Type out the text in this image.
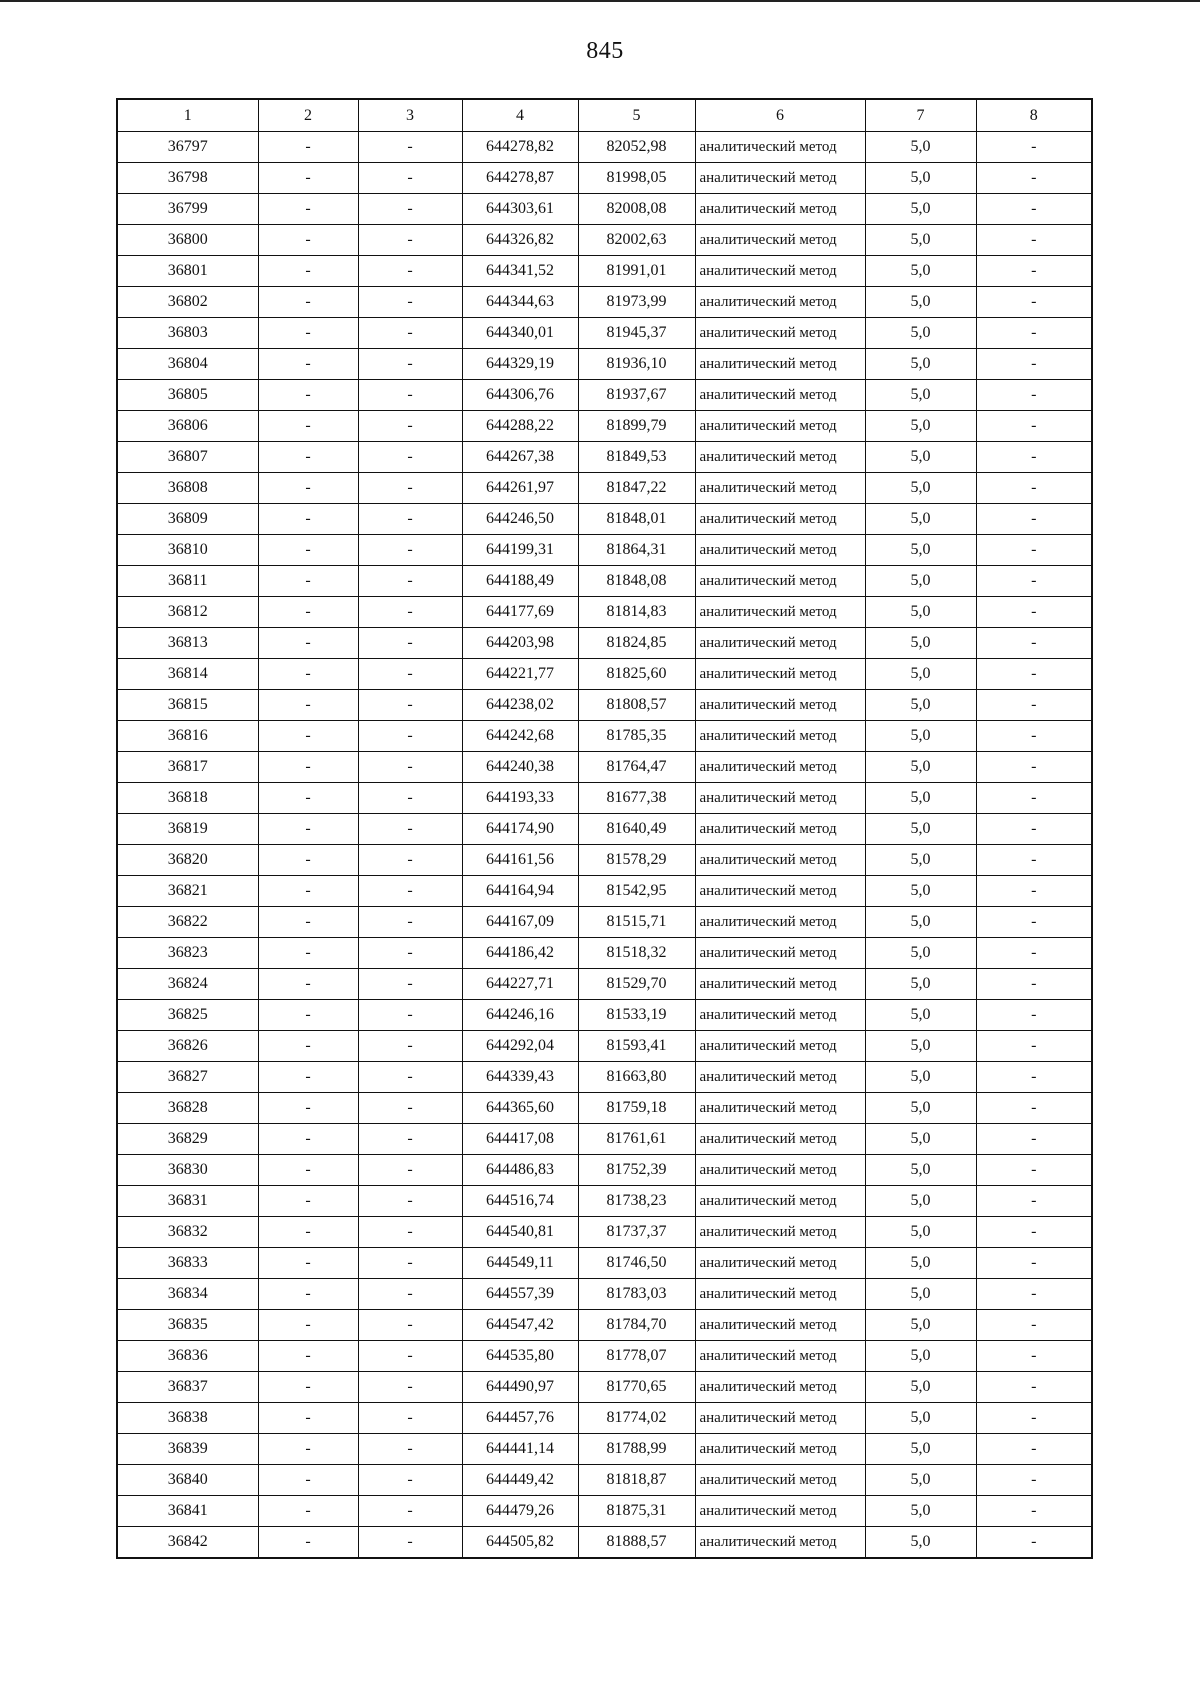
845
1	2	3	4	5	6	7	8
36797	-	-	644278,82	82052,98	аналитический метод	5,0	-
36798	-	-	644278,87	81998,05	аналитический метод	5,0	-
36799	-	-	644303,61	82008,08	аналитический метод	5,0	-
36800	-	-	644326,82	82002,63	аналитический метод	5,0	-
36801	-	-	644341,52	81991,01	аналитический метод	5,0	-
36802	-	-	644344,63	81973,99	аналитический метод	5,0	-
36803	-	-	644340,01	81945,37	аналитический метод	5,0	-
36804	-	-	644329,19	81936,10	аналитический метод	5,0	-
36805	-	-	644306,76	81937,67	аналитический метод	5,0	-
36806	-	-	644288,22	81899,79	аналитический метод	5,0	-
36807	-	-	644267,38	81849,53	аналитический метод	5,0	-
36808	-	-	644261,97	81847,22	аналитический метод	5,0	-
36809	-	-	644246,50	81848,01	аналитический метод	5,0	-
36810	-	-	644199,31	81864,31	аналитический метод	5,0	-
36811	-	-	644188,49	81848,08	аналитический метод	5,0	-
36812	-	-	644177,69	81814,83	аналитический метод	5,0	-
36813	-	-	644203,98	81824,85	аналитический метод	5,0	-
36814	-	-	644221,77	81825,60	аналитический метод	5,0	-
36815	-	-	644238,02	81808,57	аналитический метод	5,0	-
36816	-	-	644242,68	81785,35	аналитический метод	5,0	-
36817	-	-	644240,38	81764,47	аналитический метод	5,0	-
36818	-	-	644193,33	81677,38	аналитический метод	5,0	-
36819	-	-	644174,90	81640,49	аналитический метод	5,0	-
36820	-	-	644161,56	81578,29	аналитический метод	5,0	-
36821	-	-	644164,94	81542,95	аналитический метод	5,0	-
36822	-	-	644167,09	81515,71	аналитический метод	5,0	-
36823	-	-	644186,42	81518,32	аналитический метод	5,0	-
36824	-	-	644227,71	81529,70	аналитический метод	5,0	-
36825	-	-	644246,16	81533,19	аналитический метод	5,0	-
36826	-	-	644292,04	81593,41	аналитический метод	5,0	-
36827	-	-	644339,43	81663,80	аналитический метод	5,0	-
36828	-	-	644365,60	81759,18	аналитический метод	5,0	-
36829	-	-	644417,08	81761,61	аналитический метод	5,0	-
36830	-	-	644486,83	81752,39	аналитический метод	5,0	-
36831	-	-	644516,74	81738,23	аналитический метод	5,0	-
36832	-	-	644540,81	81737,37	аналитический метод	5,0	-
36833	-	-	644549,11	81746,50	аналитический метод	5,0	-
36834	-	-	644557,39	81783,03	аналитический метод	5,0	-
36835	-	-	644547,42	81784,70	аналитический метод	5,0	-
36836	-	-	644535,80	81778,07	аналитический метод	5,0	-
36837	-	-	644490,97	81770,65	аналитический метод	5,0	-
36838	-	-	644457,76	81774,02	аналитический метод	5,0	-
36839	-	-	644441,14	81788,99	аналитический метод	5,0	-
36840	-	-	644449,42	81818,87	аналитический метод	5,0	-
36841	-	-	644479,26	81875,31	аналитический метод	5,0	-
36842	-	-	644505,82	81888,57	аналитический метод	5,0	-
